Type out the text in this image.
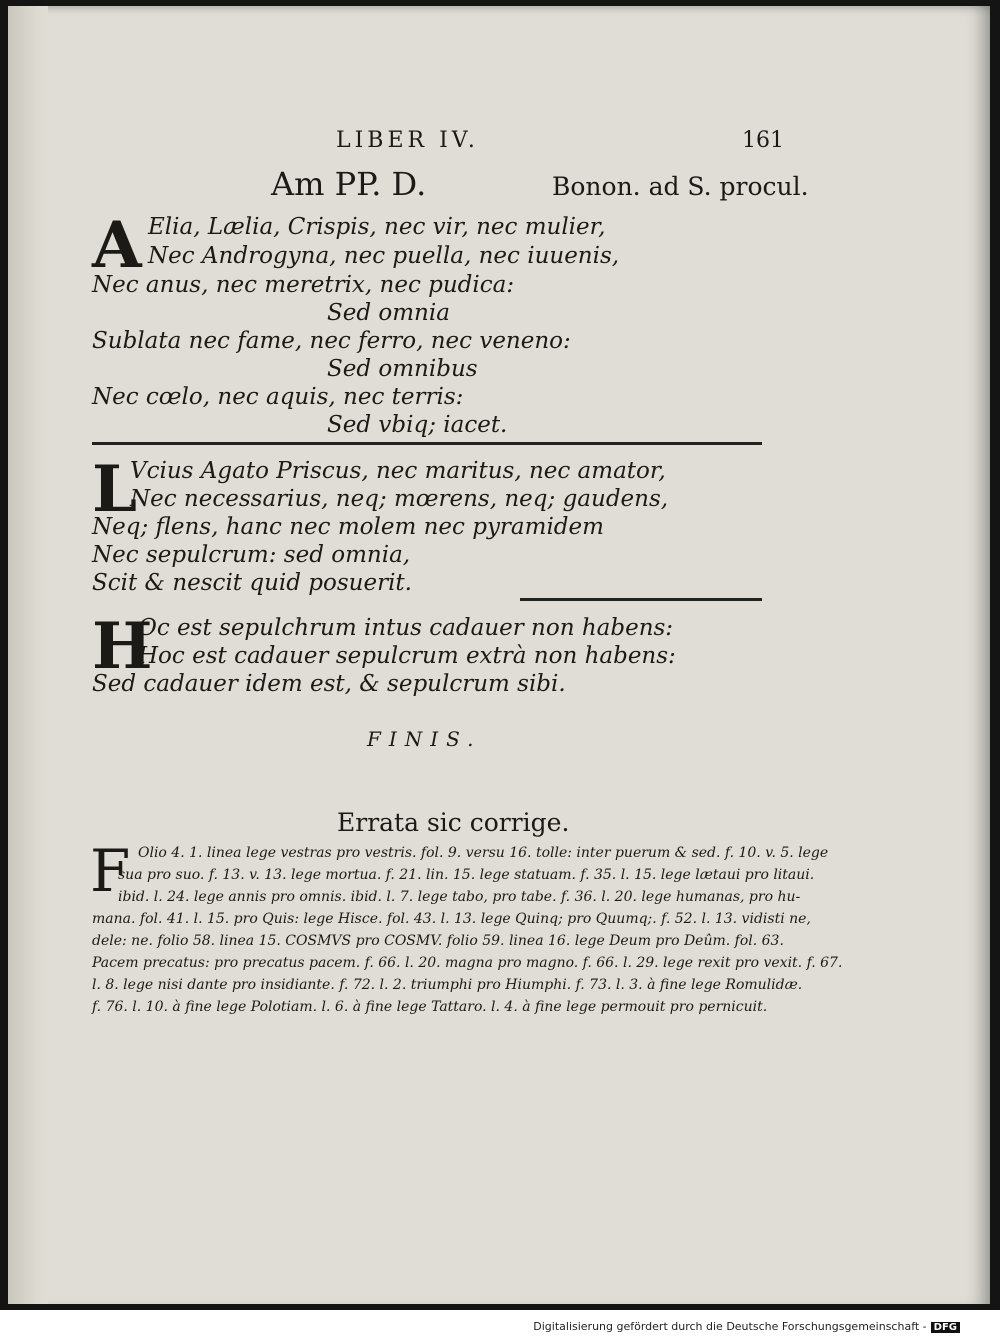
LIBER IV.	161
Am PP. D.	Bonon. ad S. procul.
A Elia, Lælia, Crispis, nec vir, nec mulier,
Nec Androgyna, nec puella, nec iuuenis,
Nec anus, nec meretrix, nec pudica:
Sed omnia
Sublata nec fame, nec ferro, nec veneno:
Sed omnibus
Nec cœlo, nec aquis, nec terris:
Sed vbiq; iacet.
L
Vcius Agato Priscus, nec maritus, nec amator,
Nec necessarius, neq; mœrens, neq; gaudens,
Neq; flens, hanc nec molem nec pyramidem
Nec sepulcrum: sed omnia,
Scit & nescit quid posuerit.
H
Oc est sepulchrum intus cadauer non habens:
Hoc est cadauer sepulcrum extrà non habens:
Sed cadauer idem est, & sepulcrum sibi.
FINIS.
Errata sic corrige.
F Olio 4. 1. linea lege vestras pro vestris. fol. 9. versu 16. tolle: inter puerum & sed. f. 10. v. 5. lege
sua pro suo. f. 13. v. 13. lege mortua. f. 21. lin. 15. lege statuam. f. 35. l. 15. lege lætaui pro litaui.
ibid. l. 24. lege annis pro omnis. ibid. l. 7. lege tabo, pro tabe. f. 36. l. 20. lege humanas, pro hu-
mana. fol. 41. l. 15. pro Quis: lege Hisce. fol. 43. l. 13. lege Quinq; pro Quumq;. f. 52. l. 13. vidisti ne,
dele: ne. folio 58. linea 15. COSMVS pro COSMV. folio 59. linea 16. lege Deum pro Deûm. fol. 63.
Pacem precatus: pro precatus pacem. f. 66. l. 20. magna pro magno. f. 66. l. 29. lege rexit pro vexit. f. 67.
l. 8. lege nisi dante pro insidiante. f. 72. l. 2. triumphi pro Hiumphi. f. 73. l. 3. à fine lege Romulidæ.
f. 76. l. 10. à fine lege Polotiam. l. 6. à fine lege Tattaro. l. 4. à fine lege permouit pro pernicuit.
Digitalisierung gefördert durch die Deutsche Forschungsgemeinschaft - DFG
